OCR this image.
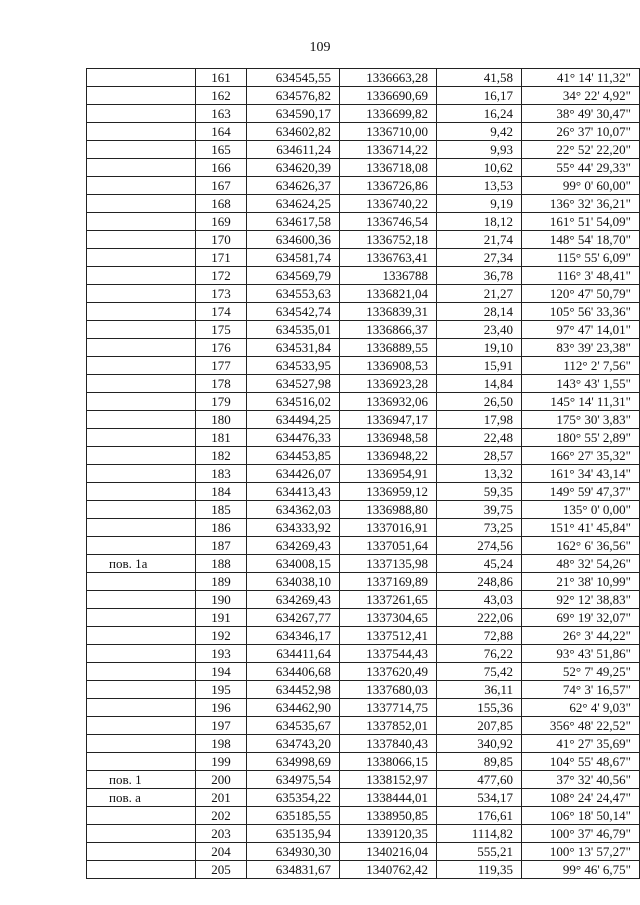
109
	161	634545,55	1336663,28	41,58	41° 14' 11,32"
	162	634576,82	1336690,69	16,17	34° 22' 4,92"
	163	634590,17	1336699,82	16,24	38° 49' 30,47"
	164	634602,82	1336710,00	9,42	26° 37' 10,07"
	165	634611,24	1336714,22	9,93	22° 52' 22,20"
	166	634620,39	1336718,08	10,62	55° 44' 29,33"
	167	634626,37	1336726,86	13,53	99° 0' 60,00"
	168	634624,25	1336740,22	9,19	136° 32' 36,21"
	169	634617,58	1336746,54	18,12	161° 51' 54,09"
	170	634600,36	1336752,18	21,74	148° 54' 18,70"
	171	634581,74	1336763,41	27,34	115° 55' 6,09"
	172	634569,79	1336788	36,78	116° 3' 48,41"
	173	634553,63	1336821,04	21,27	120° 47' 50,79"
	174	634542,74	1336839,31	28,14	105° 56' 33,36"
	175	634535,01	1336866,37	23,40	97° 47' 14,01"
	176	634531,84	1336889,55	19,10	83° 39' 23,38"
	177	634533,95	1336908,53	15,91	112° 2' 7,56"
	178	634527,98	1336923,28	14,84	143° 43' 1,55"
	179	634516,02	1336932,06	26,50	145° 14' 11,31"
	180	634494,25	1336947,17	17,98	175° 30' 3,83"
	181	634476,33	1336948,58	22,48	180° 55' 2,89"
	182	634453,85	1336948,22	28,57	166° 27' 35,32"
	183	634426,07	1336954,91	13,32	161° 34' 43,14"
	184	634413,43	1336959,12	59,35	149° 59' 47,37"
	185	634362,03	1336988,80	39,75	135° 0' 0,00"
	186	634333,92	1337016,91	73,25	151° 41' 45,84"
	187	634269,43	1337051,64	274,56	162° 6' 36,56"
пов. 1а	188	634008,15	1337135,98	45,24	48° 32' 54,26"
	189	634038,10	1337169,89	248,86	21° 38' 10,99"
	190	634269,43	1337261,65	43,03	92° 12' 38,83"
	191	634267,77	1337304,65	222,06	69° 19' 32,07"
	192	634346,17	1337512,41	72,88	26° 3' 44,22"
	193	634411,64	1337544,43	76,22	93° 43' 51,86"
	194	634406,68	1337620,49	75,42	52° 7' 49,25"
	195	634452,98	1337680,03	36,11	74° 3' 16,57"
	196	634462,90	1337714,75	155,36	62° 4' 9,03"
	197	634535,67	1337852,01	207,85	356° 48' 22,52"
	198	634743,20	1337840,43	340,92	41° 27' 35,69"
	199	634998,69	1338066,15	89,85	104° 55' 48,67"
пов. 1	200	634975,54	1338152,97	477,60	37° 32' 40,56"
пов. а	201	635354,22	1338444,01	534,17	108° 24' 24,47"
	202	635185,55	1338950,85	176,61	106° 18' 50,14"
	203	635135,94	1339120,35	1114,82	100° 37' 46,79"
	204	634930,30	1340216,04	555,21	100° 13' 57,27"
	205	634831,67	1340762,42	119,35	99° 46' 6,75"
